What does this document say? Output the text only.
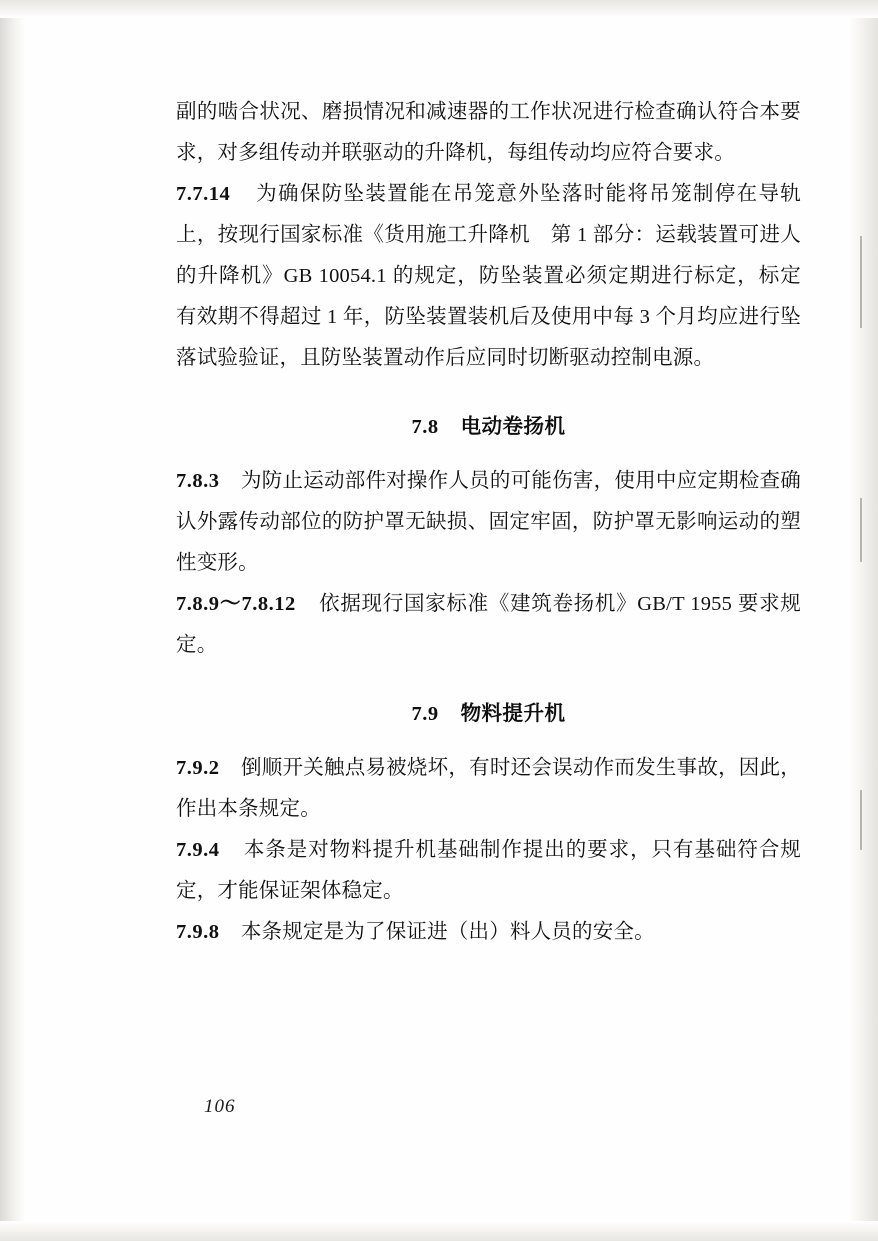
副的啮合状况、磨损情况和减速器的工作状况进行检查确认符合本要求，对多组传动并联驱动的升降机，每组传动均应符合要求。

7.7.14 为确保防坠装置能在吊笼意外坠落时能将吊笼制停在导轨上，按现行国家标准《货用施工升降机　第 1 部分：运载装置可进人的升降机》GB 10054.1 的规定，防坠装置必须定期进行标定，标定有效期不得超过 1 年，防坠装置装机后及使用中每 3 个月均应进行坠落试验验证，且防坠装置动作后应同时切断驱动控制电源。

7.8 电动卷扬机

7.8.3 为防止运动部件对操作人员的可能伤害，使用中应定期检查确认外露传动部位的防护罩无缺损、固定牢固，防护罩无影响运动的塑性变形。

7.8.9～7.8.12 依据现行国家标准《建筑卷扬机》GB/T 1955 要求规定。

7.9 物料提升机

7.9.2 倒顺开关触点易被烧坏，有时还会误动作而发生事故，因此，作出本条规定。

7.9.4 本条是对物料提升机基础制作提出的要求，只有基础符合规定，才能保证架体稳定。

7.9.8 本条规定是为了保证进（出）料人员的安全。

106
